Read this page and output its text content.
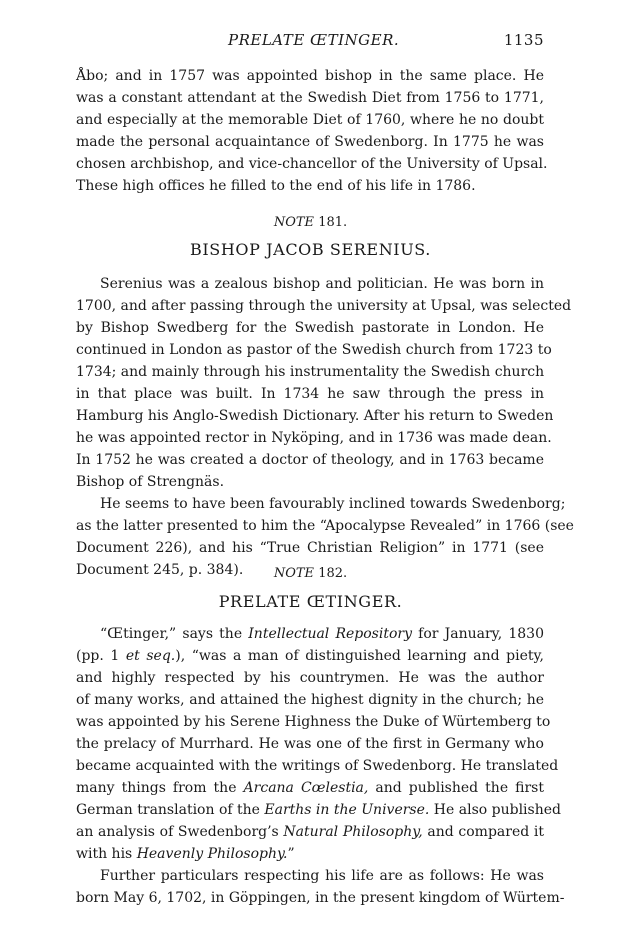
PRELATE ŒTINGER.	1135
Åbo; and in 1757 was appointed bishop in the same place. He
was a constant attendant at the Swedish Diet from 1756 to 1771,
and especially at the memorable Diet of 1760, where he no doubt
made the personal acquaintance of Swedenborg. In 1775 he was
chosen archbishop, and vice-chancellor of the University of Upsal.
These high offices he filled to the end of his life in 1786.
NOTE 181.
BISHOP JACOB SERENIUS.
Serenius was a zealous bishop and politician. He was born in
1700, and after passing through the university at Upsal, was selected
by Bishop Swedberg for the Swedish pastorate in London. He
continued in London as pastor of the Swedish church from 1723 to
1734; and mainly through his instrumentality the Swedish church
in that place was built. In 1734 he saw through the press in
Hamburg his Anglo-Swedish Dictionary. After his return to Sweden
he was appointed rector in Nyköping, and in 1736 was made dean.
In 1752 he was created a doctor of theology, and in 1763 became
Bishop of Strengnäs.
He seems to have been favourably inclined towards Swedenborg;
as the latter presented to him the “Apocalypse Revealed” in 1766 (see
Document 226), and his “True Christian Religion” in 1771 (see
Document 245, p. 384).	NOTE 182.
PRELATE ŒTINGER.
“Œtinger,” says the Intellectual Repository for January, 1830
(pp. 1 et seq.), “was a man of distinguished learning and piety,
and highly respected by his countrymen. He was the author
of many works, and attained the highest dignity in the church; he
was appointed by his Serene Highness the Duke of Würtemberg to
the prelacy of Murrhard. He was one of the first in Germany who
became acquainted with the writings of Swedenborg. He translated
many things from the Arcana Cœlestia, and published the first
German translation of the Earths in the Universe. He also published
an analysis of Swedenborg’s Natural Philosophy, and compared it
with his Heavenly Philosophy.”
Further particulars respecting his life are as follows: He was
born May 6, 1702, in Göppingen, in the present kingdom of Würtem-
